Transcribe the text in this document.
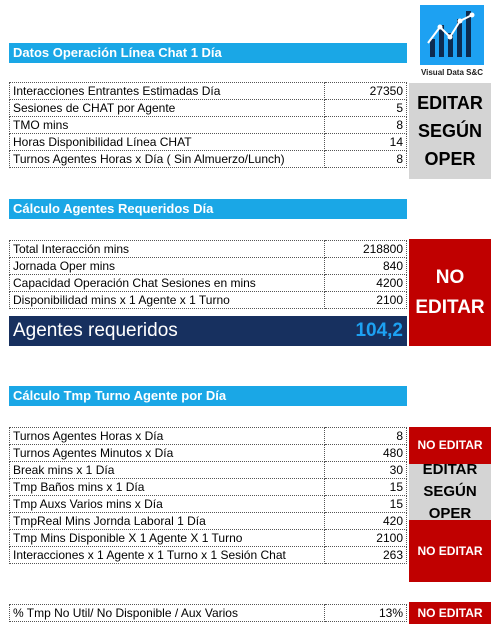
Visual Data S&C
Datos Operación Línea Chat 1 Día
Interacciones Entrantes Estimadas Día	27350
Sesiones de CHAT por Agente	5
TMO mins	8
Horas Disponibilidad Línea CHAT	14
Turnos Agentes Horas x Día ( Sin Almuerzo/Lunch)	8
EDITAR
SEGÚN
OPER
Cálculo Agentes Requeridos Día
Total Interacción mins	218800
Jornada Oper mins	840
Capacidad Operación Chat Sesiones en mins	4200
Disponibilidad mins x 1 Agente x 1 Turno	2100
Agentes requeridos	104,2
NO
EDITAR
Cálculo Tmp Turno Agente por Día
Turnos Agentes Horas x Día	8
Turnos Agentes Minutos x Día	480
Break mins x 1 Día	30
Tmp Baños mins x 1 Día	15
Tmp Auxs Varios mins x Día	15
TmpReal Mins Jornda Laboral 1 Día	420
Tmp Mins Disponible X 1 Agente X 1 Turno	2100
Interacciones x 1 Agente x 1 Turno x 1 Sesión Chat	263
NO EDITAR
EDITAR
SEGÚN
OPER
NO EDITAR
% Tmp No Util/ No Disponible / Aux Varios	13%	NO EDITAR
